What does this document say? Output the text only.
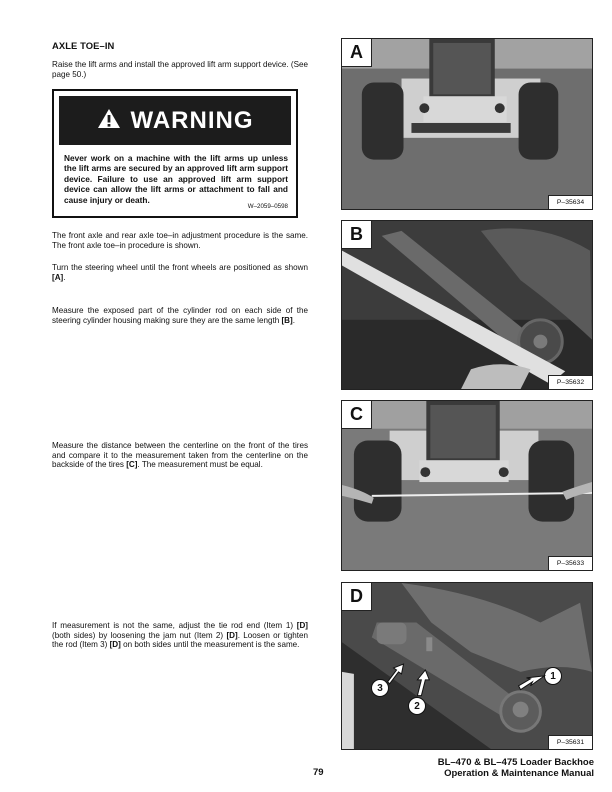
AXLE TOE–IN
Raise the lift arms and install the approved lift arm support device. (See page 50.)
WARNING
Never work on a machine with the lift arms up unless the lift arms are secured by an approved lift arm support device. Failure to use an approved lift arm support device can allow the lift arms or attachment to fall and cause injury or death.
W–2059–0598
The front axle and rear axle toe–in adjustment procedure is the same. The front axle toe–in procedure is shown.
Turn the steering wheel until the front wheels are positioned as shown [A].
Measure the exposed part of the cylinder rod on each side of the steering cylinder housing making sure they are the same length [B].
Measure the distance between the centerline on the front of the tires and compare it to the measurement taken from the centerline on the backside of the tires [C]. The measurement must be equal.
If measurement is not the same, adjust the tie rod end (Item 1) [D] (both sides) by loosening the jam nut (Item 2) [D]. Loosen or tighten the rod (Item 3) [D] on both sides until the measurement is the same.
A
P–35634
B
P–35632
C
P–35633
1
2
3
D
P–35631
79
BL–470 & BL–475 Loader Backhoe
Operation & Maintenance Manual
